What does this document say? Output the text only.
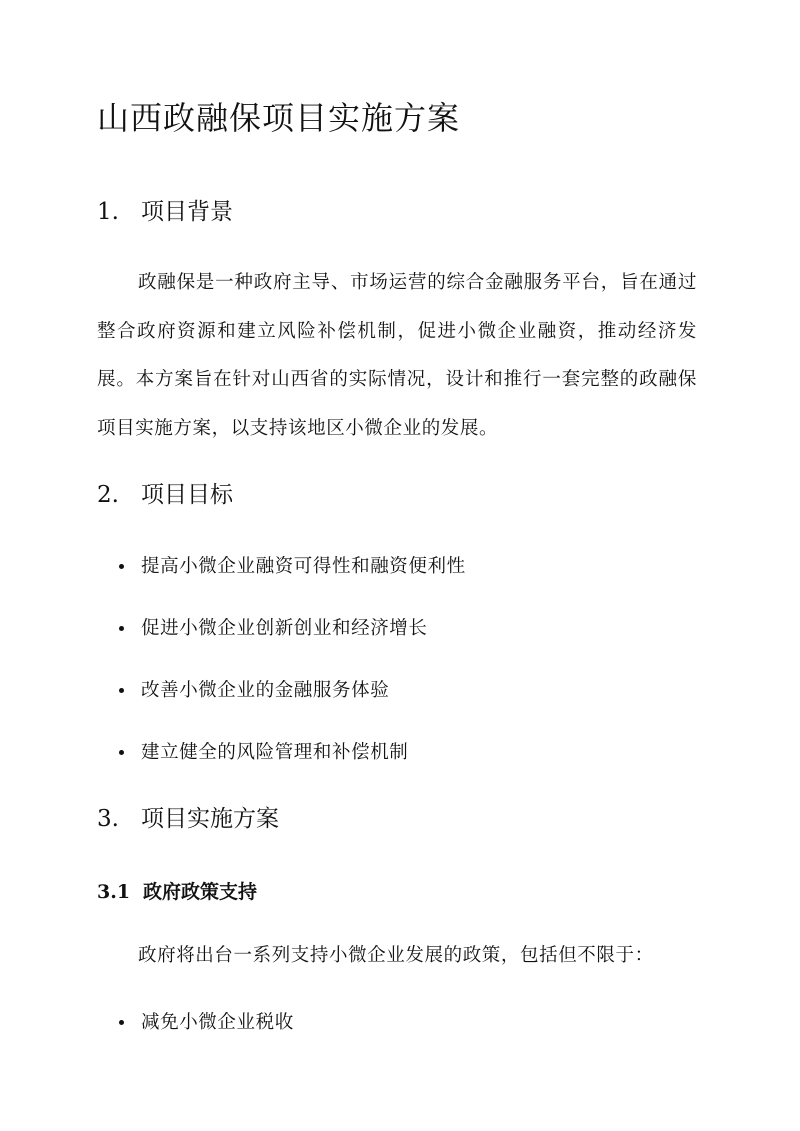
山西政融保项目实施方案
1. 项目背景

政融保是一种政府主导、市场运营的综合金融服务平台，旨在通过整合政府资源和建立风险补偿机制，促进小微企业融资，推动经济发展。本方案旨在针对山西省的实际情况，设计和推行一套完整的政融保项目实施方案，以支持该地区小微企业的发展。

2. 项目目标
提高小微企业融资可得性和融资便利性
促进小微企业创新创业和经济增长
改善小微企业的金融服务体验
建立健全的风险管理和补偿机制
3. 项目实施方案
3.1 政府政策支持

政府将出台一系列支持小微企业发展的政策，包括但不限于：

减免小微企业税收
